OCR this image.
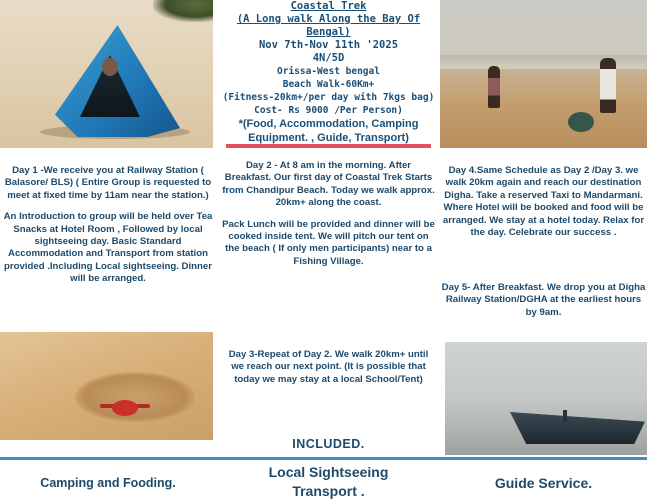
Coastal Trek
(A Long walk Along the Bay Of Bengal)
Nov 7th-Nov 11th '2025
4N/5D
Orissa-West bengal
Beach Walk-60Km+
(Fitness-20km+/per day with 7kgs bag)
Cost- Rs 9000 /Per Person)
*(Food, Accommodation, Camping Equipment. , Guide, Transport)
Day 1 -We receive you at Railway Station ( Balasore/ BLS) ( Entire Group is requested to meet at fixed time by 11am near the station.)
An Introduction to group will be held over Tea Snacks at Hotel Room , Followed by local sightseeing day. Basic Standard Accommodation and Transport from station provided .Including Local sightseeing. Dinner will be arranged.
Day 2 - At 8 am in the morning. After Breakfast. Our first day of Coastal Trek Starts from Chandipur Beach. Today we walk approx. 20km+ along the coast.
Pack Lunch will be provided and dinner will be cooked inside tent. We will pitch our tent on the beach ( If only men participants) near to a Fishing Village.
Day 3-Repeat of Day 2. We walk 20km+ until we reach our next point. (It is possible that today we may stay at a local School/Tent)
Day 4.Same Schedule as Day 2 /Day 3. we walk 20km again and reach our destination Digha. Take a reserved Taxi to Mandarmani. Where Hotel will be booked and food will be arranged. We stay at a hotel today. Relax for the day. Celebrate our success .
Day 5- After Breakfast. We drop you at Digha Railway Station/DGHA at the earliest hours by 9am.
INCLUDED.
Camping and Fooding.
Local Sightseeing
Transport .	Guide Service.
